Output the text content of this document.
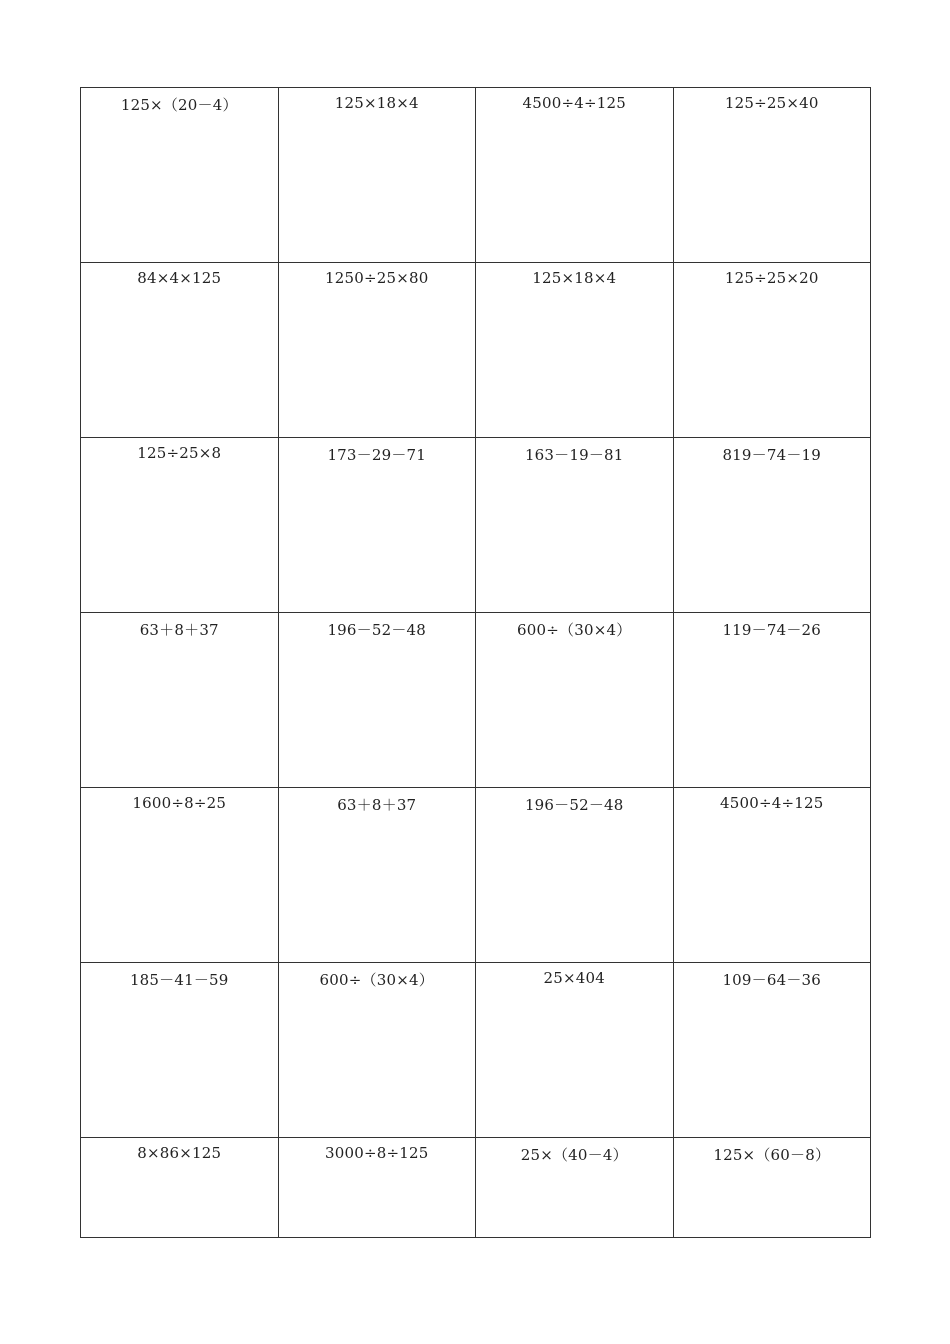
125×（20－4）	125×18×4	4500÷4÷125	125÷25×40
84×4×125	1250÷25×80	125×18×4	125÷25×20
125÷25×8	173－29－71	163－19－81	819－74－19
63＋8＋37	196－52－48	600÷（30×4）	119－74－26
1600÷8÷25	63＋8＋37	196－52－48	4500÷4÷125
185－41－59	600÷（30×4）	25×404	109－64－36
8×86×125	3000÷8÷125	25×（40－4）	125×（60－8）
